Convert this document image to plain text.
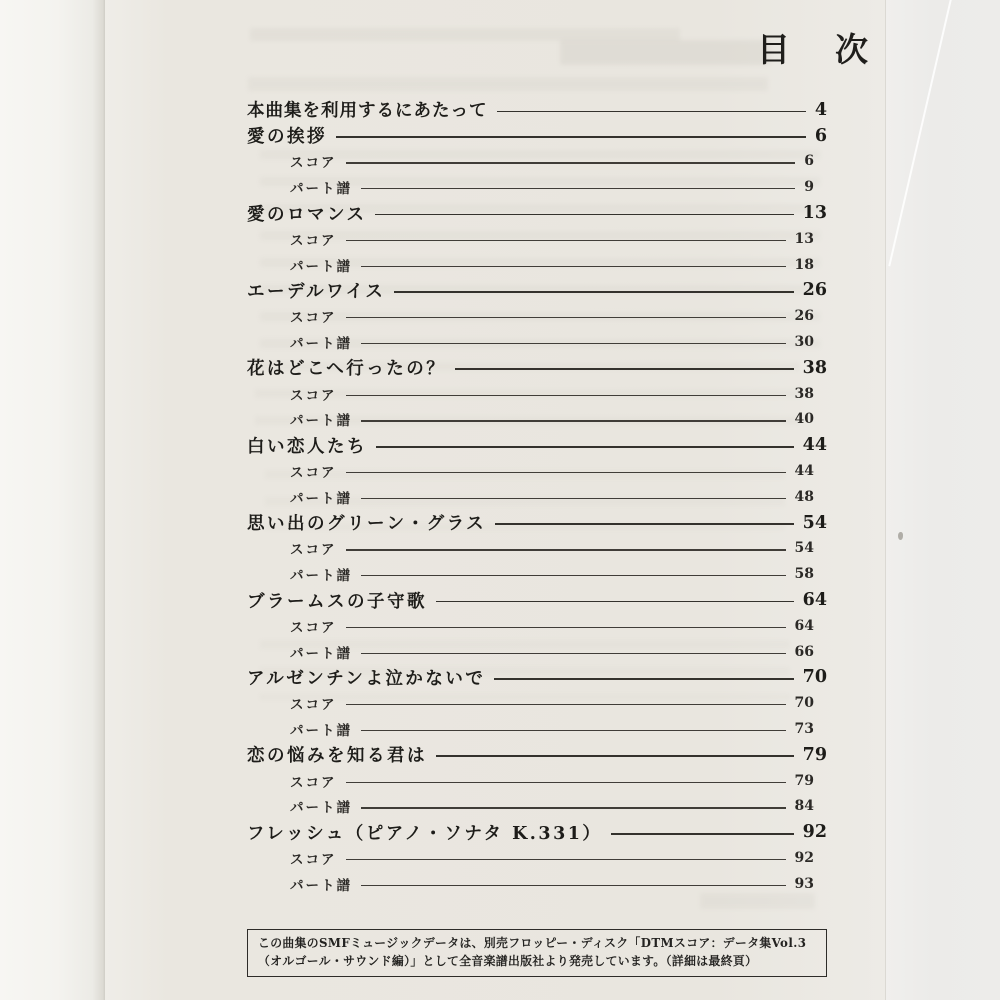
目　次
本曲集を利用するにあたって	4
愛の挨拶	6
スコア	6
パート譜	9
愛のロマンス	13
スコア	13
パート譜	18
エーデルワイス	26
スコア	26
パート譜	30
花はどこへ行ったの？	38
スコア	38
パート譜	40
白い恋人たち	44
スコア	44
パート譜	48
思い出のグリーン・グラス	54
スコア	54
パート譜	58
ブラームスの子守歌	64
スコア	64
パート譜	66
アルゼンチンよ泣かないで	70
スコア	70
パート譜	73
恋の悩みを知る君は	79
スコア	79
パート譜	84
フレッシュ（ピアノ・ソナタ K.331）	92
スコア	92
パート譜	93
この曲集のSMFミュージックデータは、別売フロッピー・ディスク「DTMスコア：データ集Vol.3（オルゴール・サウンド編）」として全音楽譜出版社より発売しています。（詳細は最終頁）
